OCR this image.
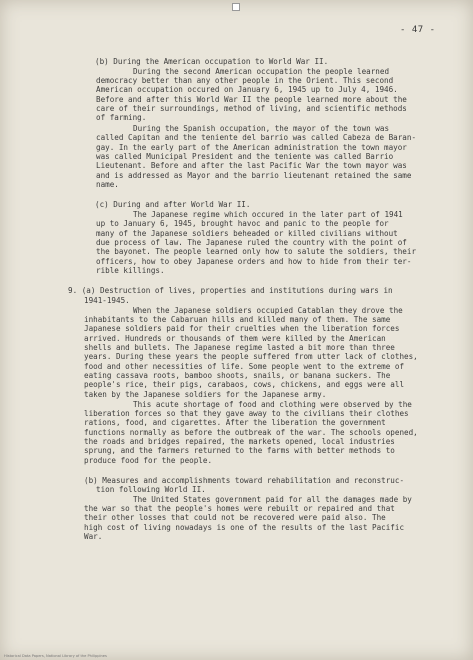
- 47 -
(b) During the American occupation to World War II.
During the second American occupation the people learned
democracy better than any other people in the Orient. This second
American occupation occured on January 6, 1945 up to July 4, 1946.
Before and after this World War II the people learned more about the
care of their surroundings, method of living, and scientific methods
of farming.
During the Spanish occupation, the mayor of the town was
called Capitan and the teniente del barrio was called Cabeza de Baran-
gay. In the early part of the American administration the town mayor
was called Municipal President and the teniente was called Barrio
Lieutenant. Before and after the last Pacific War the town mayor was
and is addressed as Mayor and the barrio lieutenant retained the same
name.
(c) During and after World War II.
The Japanese regime which occured in the later part of 1941
up to January 6, 1945, brought havoc and panic to the people for
many of the Japanese soldiers beheaded or killed civilians without
due process of law. The Japanese ruled the country with the point of
the bayonet. The people learned only how to salute the soldiers, their
officers, how to obey Japanese orders and how to hide from their ter-
rible killings.
9. (a) Destruction of lives, properties and institutions during wars in
1941-1945.
When the Japanese soldiers occupied Catablan they drove the
inhabitants to the Cabaruan hills and killed many of them. The same
Japanese soldiers paid for their cruelties when the liberation forces
arrived. Hundreds or thousands of them were killed by the American
shells and bullets. The Japanese regime lasted a bit more than three
years. During these years the people suffered from utter lack of clothes,
food and other necessities of life. Some people went to the extreme of
eating cassava roots, bamboo shoots, snails, or banana suckers. The
people's rice, their pigs, carabaos, cows, chickens, and eggs were all
taken by the Japanese soldiers for the Japanese army.
This acute shortage of food and clothing were observed by the
liberation forces so that they gave away to the civilians their clothes
rations, food, and cigarettes. After the liberation the government
functions normally as before the outbreak of the war. The schools opened,
the roads and bridges repaired, the markets opened, local industries
sprung, and the farmers returned to the farms with better methods to
produce food for the people.
(b) Measures and accomplishments toward rehabilitation and reconstruc-
tion following World II.
The United States government paid for all the damages made by
the war so that the people's homes were rebuilt or repaired and that
their other losses that could not be recovered were paid also. The
high cost of living nowadays is one of the results of the last Pacific
War.
Historical Data Papers, National Library of the Philippines
